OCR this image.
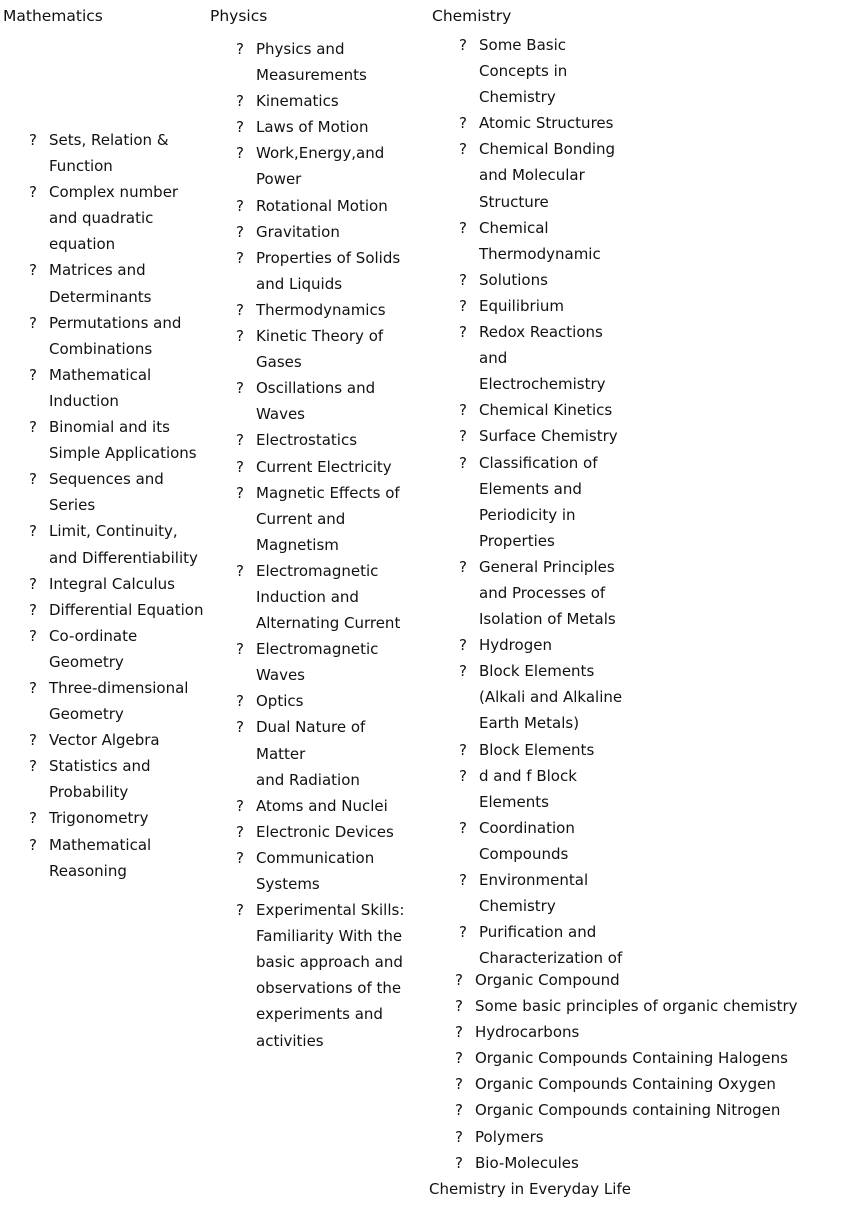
Mathematics	Physics	Chemistry
? Sets, Relation &
Function
? Complex number
and quadratic
equation
? Matrices and
Determinants
? Permutations and
Combinations
? Mathematical
Induction
? Binomial and its
Simple Applications
? Sequences and Series
? Limit, Continuity,
and Differentiability
? Integral Calculus
? Differential Equation
? Co-ordinate
Geometry
? Three-dimensional
Geometry
? Vector Algebra
? Statistics and
Probability
? Trigonometry
? Mathematical
Reasoning
? Physics and
Measurements
? Kinematics
? Laws of Motion
? Work,Energy,and
Power
? Rotational Motion
? Gravitation
? Properties of Solids
and Liquids
? Thermodynamics
? Kinetic Theory of Gases
? Oscillations and Waves
? Electrostatics
? Current Electricity
? Magnetic Effects of
Current and
Magnetism
? Electromagnetic
Induction and
Alternating Current
? Electromagnetic Waves
? Optics
? Dual Nature of Matter
and Radiation
? Atoms and Nuclei
? Electronic Devices
? Communication
Systems
? Experimental Skills:
Familiarity With the
basic approach and
observations of the
experiments and
activities
? Some Basic
Concepts in
Chemistry
? Atomic Structures
? Chemical Bonding
and Molecular
Structure
? Chemical
Thermodynamic
? Solutions
? Equilibrium
? Redox Reactions
and
Electrochemistry
? Chemical Kinetics
? Surface Chemistry
? Classification of
Elements and
Periodicity in
Properties
? General Principles
and Processes of
Isolation of Metals
? Hydrogen
? Block Elements
(Alkali and Alkaline
Earth Metals)
? Block Elements
? d and f Block
Elements
? Coordination
Compounds
? Environmental
Chemistry
? Purification and
Characterization of
? Organic Compound
? Some basic principles of organic chemistry
? Hydrocarbons
? Organic Compounds Containing Halogens
? Organic Compounds Containing Oxygen
? Organic Compounds containing Nitrogen
? Polymers
? Bio-Molecules
Chemistry in Everyday Life
